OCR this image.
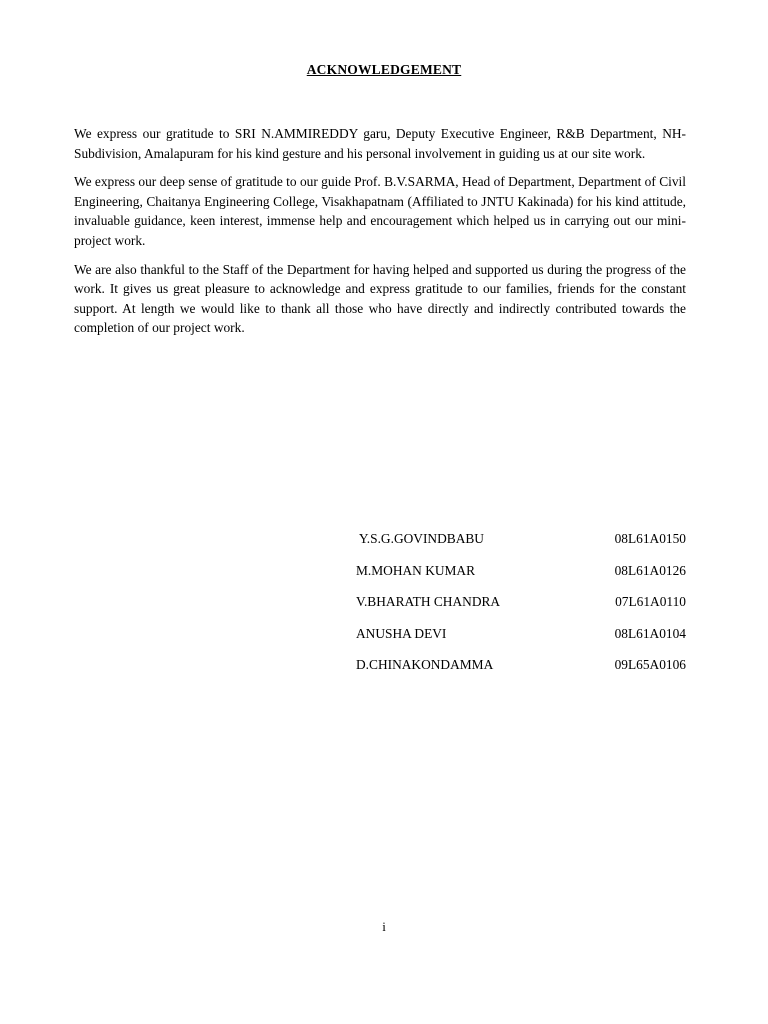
ACKNOWLEDGEMENT

We express our gratitude to SRI N.AMMIREDDY garu, Deputy Executive Engineer, R&B Department, NH-Subdivision, Amalapuram for his kind gesture and his personal involvement in guiding us at our site work.

We express our deep sense of gratitude to our guide Prof. B.V.SARMA, Head of Department, Department of Civil Engineering, Chaitanya Engineering College, Visakhapatnam (Affiliated to JNTU Kakinada) for his kind attitude, invaluable guidance, keen interest, immense help and encouragement which helped us in carrying out our mini-project work.

We are also thankful to the Staff of the Department for having helped and supported us during the progress of the work. It gives us great pleasure to acknowledge and express gratitude to our families, friends for the constant support. At length we would like to thank all those who have directly and indirectly contributed towards the completion of our project work.

Y.S.G.GOVINDBABU	08L61A0150
M.MOHAN KUMAR	08L61A0126
V.BHARATH CHANDRA	07L61A0110
ANUSHA DEVI	08L61A0104
D.CHINAKONDAMMA	09L65A0106
i
